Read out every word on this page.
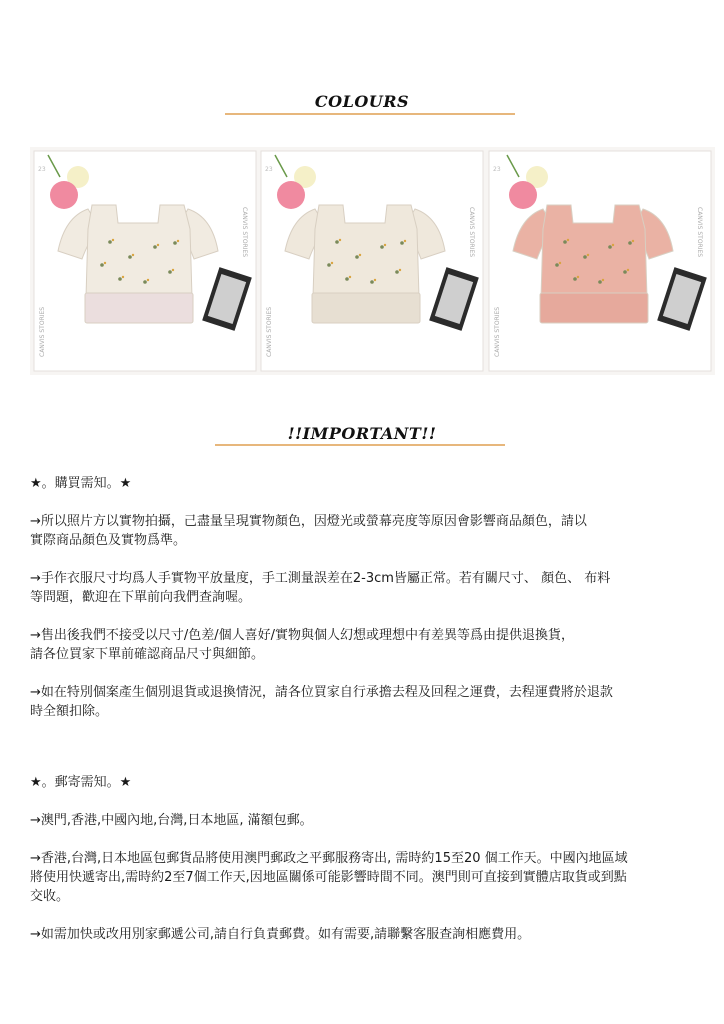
COLOURS
CANVIS STORIES
CANVIS STORIES
23
CANVIS STORIES
CANVIS STORIES
23
CANVIS STORIES
CANVIS STORIES
23
!!IMPORTANT!!

★。購買需知。★

→所以照片方以實物拍攝，己盡量呈現實物顏色，因燈光或螢幕亮度等原因會影響商品顏色，請以
實際商品顏色及實物爲準。

→手作衣服尺寸均爲人手實物平放量度，手工測量誤差在2-3cm皆屬正常。若有關尺寸、 顏色、 布料
等問題，歡迎在下單前向我們查詢喔。

→售出後我們不接受以尺寸/色差/個人喜好/實物與個人幻想或理想中有差異等爲由提供退換貨，
請各位買家下單前確認商品尺寸與細節。

→如在特別個案產生個別退貨或退換情況，請各位買家自行承擔去程及回程之運費，去程運費將於退款
時全額扣除。

★。郵寄需知。★

→澳門,香港,中國內地,台灣,日本地區, 滿額包郵。

→香港,台灣,日本地區包郵貨品將使用澳門郵政之平郵服務寄出, 需時約15至20 個工作天。中國內地區域
將使用快遞寄出,需時約2至7個工作天,因地區關係可能影響時間不同。澳門則可直接到實體店取貨或到點
交收。

→如需加快或改用別家郵遞公司,請自行負責郵費。如有需要,請聯繫客服查詢相應費用。
